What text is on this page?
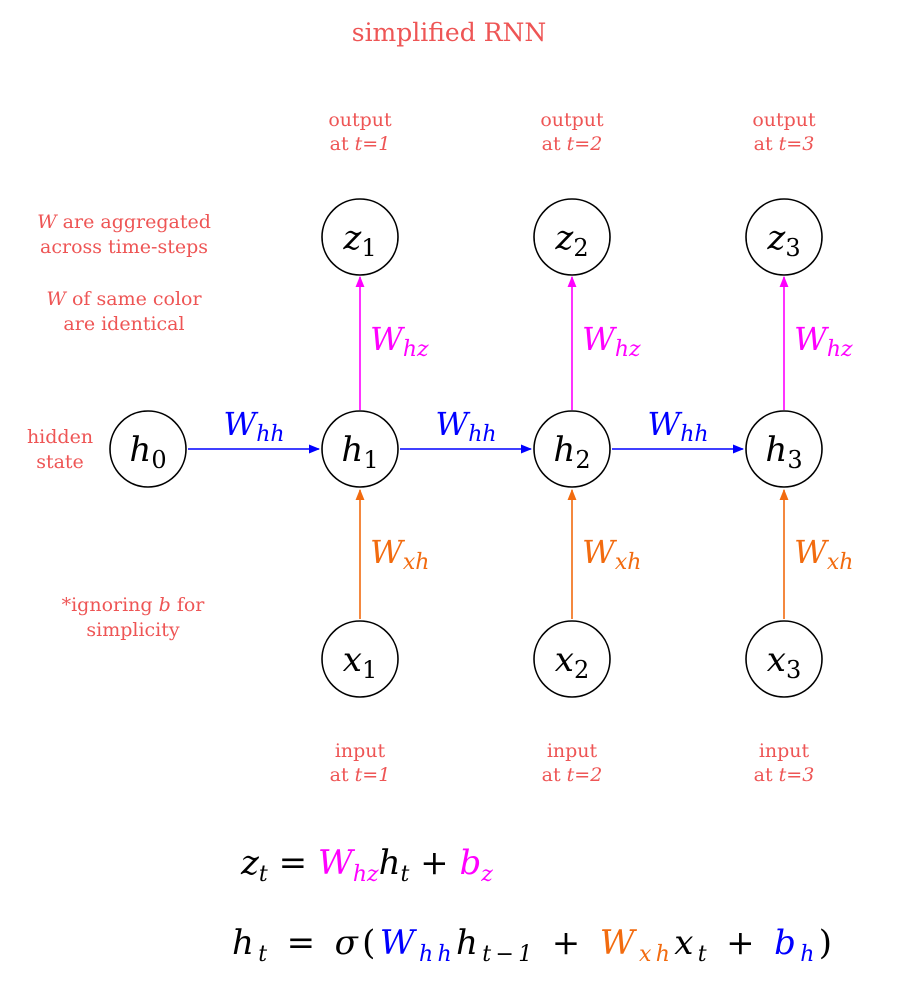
simplified RNN
output
at t=1
output
at t=2
output
at t=3
W are aggregated
across time-steps
W of same color
are identical
hidden
state
*ignoring b for
simplicity
Whh	Whh	Whh
Whz	Whz	Whz
Wxh	Wxh	Wxh
h0	h1	h2	h3
z1	z2	z3
x1	x2	x3
input
at t=1
input
at t=2
input
at t=3
$z_t = W_{hz}h_t + b_z$
h $_t$ = σ ( W $_{hh}$ h $_{t-1}$ + W $_{xh}$ x $_t$ + b $_h$ )
